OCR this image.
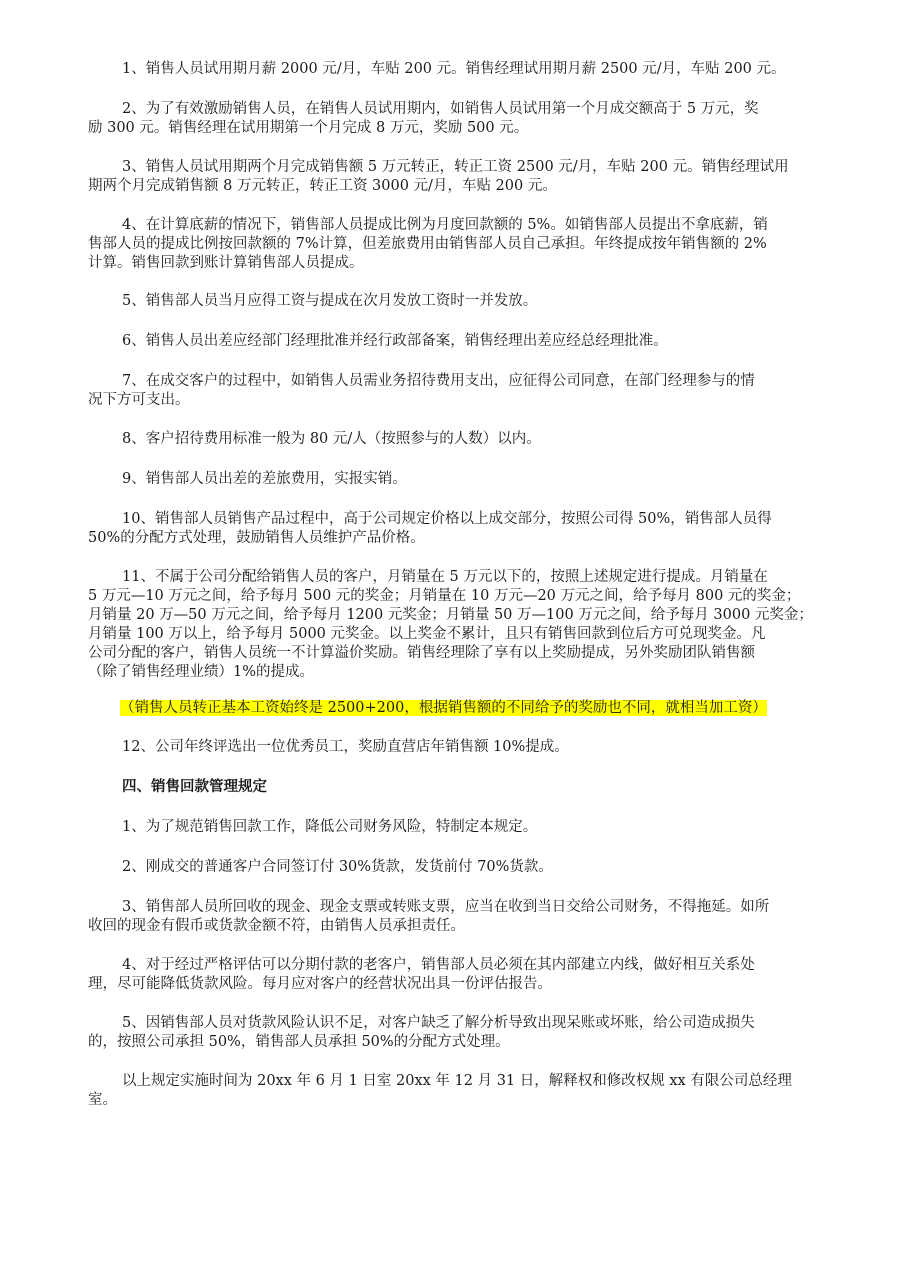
1、销售人员试用期月薪 2000 元/月，车贴 200 元。销售经理试用期月薪 2500 元/月，车贴 200 元。

2、为了有效激励销售人员，在销售人员试用期内，如销售人员试用第一个月成交额高于 5 万元，奖
励 300 元。销售经理在试用期第一个月完成 8 万元，奖励 500 元。

3、销售人员试用期两个月完成销售额 5 万元转正，转正工资 2500 元/月，车贴 200 元。销售经理试用
期两个月完成销售额 8 万元转正，转正工资 3000 元/月，车贴 200 元。

4、在计算底薪的情况下，销售部人员提成比例为月度回款额的 5%。如销售部人员提出不拿底薪，销
售部人员的提成比例按回款额的 7%计算，但差旅费用由销售部人员自己承担。年终提成按年销售额的 2%
计算。销售回款到账计算销售部人员提成。

5、销售部人员当月应得工资与提成在次月发放工资时一并发放。

6、销售人员出差应经部门经理批准并经行政部备案，销售经理出差应经总经理批准。

7、在成交客户的过程中，如销售人员需业务招待费用支出，应征得公司同意，在部门经理参与的情
况下方可支出。

8、客户招待费用标准一般为 80 元/人（按照参与的人数）以内。

9、销售部人员出差的差旅费用，实报实销。

10、销售部人员销售产品过程中，高于公司规定价格以上成交部分，按照公司得 50%，销售部人员得
50%的分配方式处理，鼓励销售人员维护产品价格。

11、不属于公司分配给销售人员的客户，月销量在 5 万元以下的，按照上述规定进行提成。月销量在
5 万元—10 万元之间，给予每月 500 元的奖金；月销量在 10 万元—20 万元之间，给予每月 800 元的奖金；
月销量 20 万—50 万元之间，给予每月 1200 元奖金；月销量 50 万—100 万元之间，给予每月 3000 元奖金；
月销量 100 万以上，给予每月 5000 元奖金。以上奖金不累计，且只有销售回款到位后方可兑现奖金。凡
公司分配的客户，销售人员统一不计算溢价奖励。销售经理除了享有以上奖励提成，另外奖励团队销售额
（除了销售经理业绩）1%的提成。

（销售人员转正基本工资始终是 2500+200，根据销售额的不同给予的奖励也不同，就相当加工资）

12、公司年终评选出一位优秀员工，奖励直营店年销售额 10%提成。

四、销售回款管理规定

1、为了规范销售回款工作，降低公司财务风险，特制定本规定。

2、刚成交的普通客户合同签订付 30%货款，发货前付 70%货款。

3、销售部人员所回收的现金、现金支票或转账支票，应当在收到当日交给公司财务，不得拖延。如所
收回的现金有假币或货款金额不符，由销售人员承担责任。

4、对于经过严格评估可以分期付款的老客户，销售部人员必须在其内部建立内线，做好相互关系处
理，尽可能降低货款风险。每月应对客户的经营状况出具一份评估报告。

5、因销售部人员对货款风险认识不足，对客户缺乏了解分析导致出现呆账或坏账，给公司造成损失
的，按照公司承担 50%，销售部人员承担 50%的分配方式处理。

以上规定实施时间为 20xx 年 6 月 1 日室 20xx 年 12 月 31 日，解释权和修改权规 xx 有限公司总经理
室。
